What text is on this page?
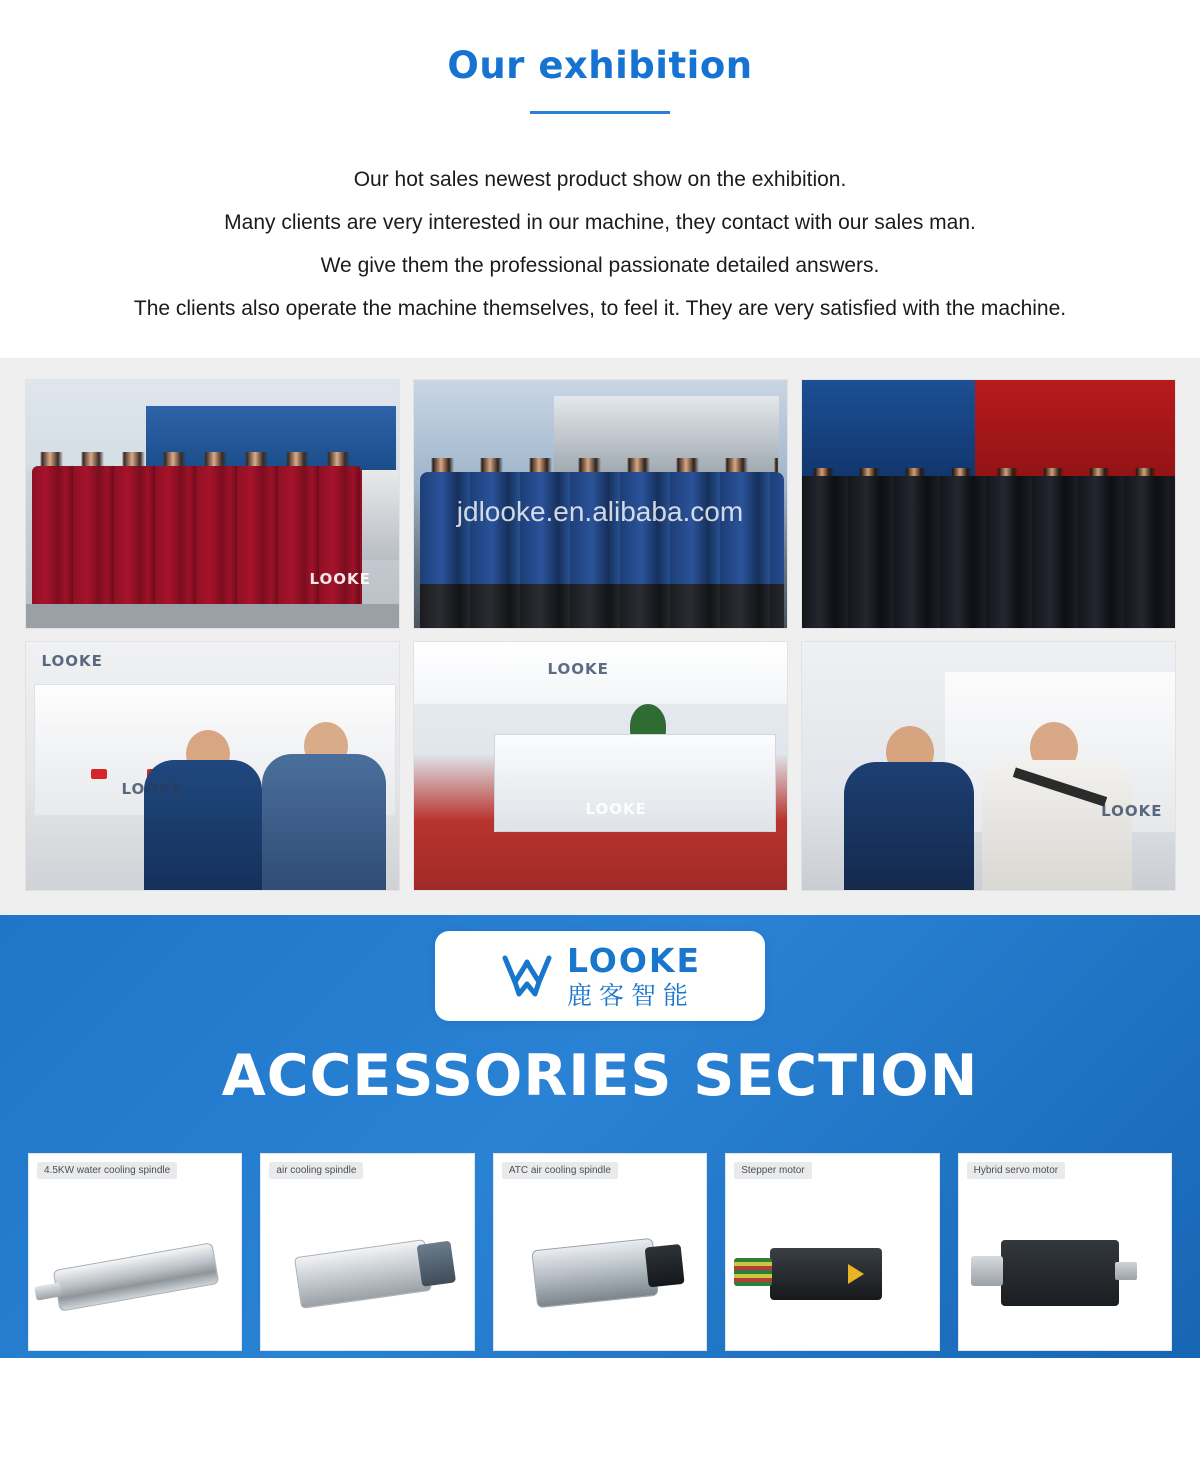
Our exhibition
Our hot sales newest product show on the exhibition.
Many clients are very interested in our machine, they contact with our sales man.
We give them the professional passionate detailed answers.
The clients also operate the machine themselves, to feel it. They are very satisfied with the machine.
LOOKE
LOOKE
LOOKE
LOOKE
LOOKE	LOOKE
jdlooke.en.alibaba.com
LOOKE
鹿客智能
ACCESSORIES SECTION
4.5KW water cooling spindle	air cooling spindle	ATC air cooling spindle	Stepper motor	Hybrid servo motor
